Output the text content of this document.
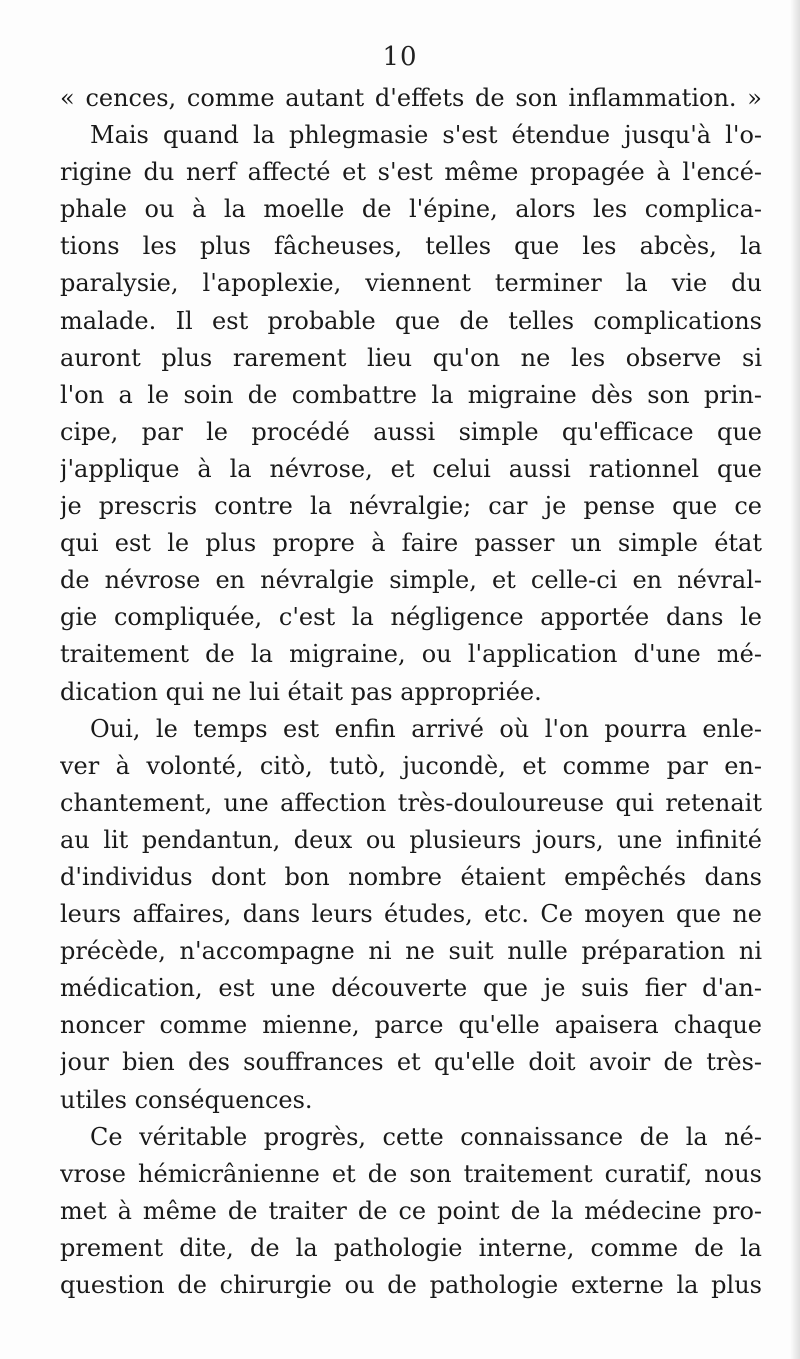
10
« cences, comme autant d'effets de son inflammation. »
Mais quand la phlegmasie s'est étendue jusqu'à l'o-
rigine du nerf affecté et s'est même propagée à l'encé-
phale ou à la moelle de l'épine, alors les complica-
tions les plus fâcheuses, telles que les abcès, la
paralysie, l'apoplexie, viennent terminer la vie du
malade. Il est probable que de telles complications
auront plus rarement lieu qu'on ne les observe si
l'on a le soin de combattre la migraine dès son prin-
cipe, par le procédé aussi simple qu'efficace que
j'applique à la névrose, et celui aussi rationnel que
je prescris contre la névralgie; car je pense que ce
qui est le plus propre à faire passer un simple état
de névrose en névralgie simple, et celle-ci en névral-
gie compliquée, c'est la négligence apportée dans le
traitement de la migraine, ou l'application d'une mé-
dication qui ne lui était pas appropriée.
Oui, le temps est enfin arrivé où l'on pourra enle-
ver à volonté, citò, tutò, jucondè, et comme par en-
chantement, une affection très-douloureuse qui retenait
au lit pendantun, deux ou plusieurs jours, une infinité
d'individus dont bon nombre étaient empêchés dans
leurs affaires, dans leurs études, etc. Ce moyen que ne
précède, n'accompagne ni ne suit nulle préparation ni
médication, est une découverte que je suis fier d'an-
noncer comme mienne, parce qu'elle apaisera chaque
jour bien des souffrances et qu'elle doit avoir de très-
utiles conséquences.
Ce véritable progrès, cette connaissance de la né-
vrose hémicrânienne et de son traitement curatif, nous
met à même de traiter de ce point de la médecine pro-
prement dite, de la pathologie interne, comme de la
question de chirurgie ou de pathologie externe la plus
